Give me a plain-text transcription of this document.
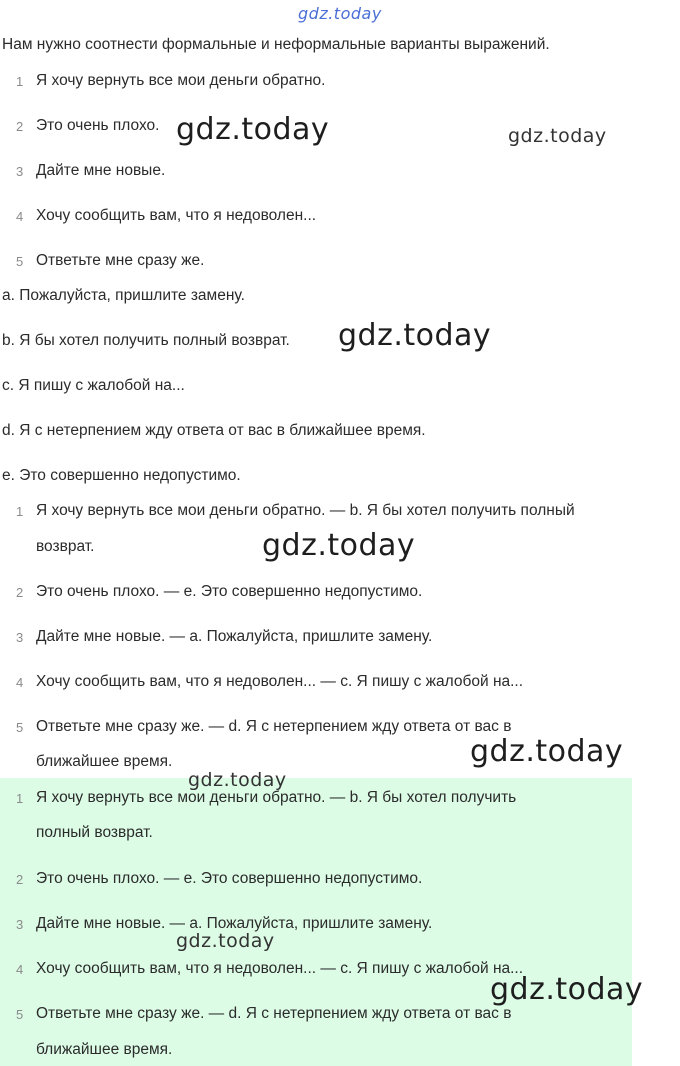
gdz.today
Нам нужно соотнести формальные и неформальные варианты выражений.
1 Я хочу вернуть все мои деньги обратно.
2 Это очень плохо.
3 Дайте мне новые.
4 Хочу сообщить вам, что я недоволен...
5 Ответьте мне сразу же.
a. Пожалуйста, пришлите замену.
b. Я бы хотел получить полный возврат.
c. Я пишу с жалобой на...
d. Я с нетерпением жду ответа от вас в ближайшее время.
e. Это совершенно недопустимо.
1 Я хочу вернуть все мои деньги обратно. — b. Я бы хотел получить полный
возврат.
2 Это очень плохо. — e. Это совершенно недопустимо.
3 Дайте мне новые. — a. Пожалуйста, пришлите замену.
4 Хочу сообщить вам, что я недоволен... — c. Я пишу с жалобой на...
5 Ответьте мне сразу же. — d. Я с нетерпением жду ответа от вас в
ближайшее время.
1 Я хочу вернуть все мои деньги обратно. — b. Я бы хотел получить
полный возврат.
2 Это очень плохо. — e. Это совершенно недопустимо.
3 Дайте мне новые. — a. Пожалуйста, пришлите замену.
4 Хочу сообщить вам, что я недоволен... — c. Я пишу с жалобой на...
5 Ответьте мне сразу же. — d. Я с нетерпением жду ответа от вас в
ближайшее время.
gdz.today	gdz.today
gdz.today
gdz.today
gdz.today
gdz.today
gdz.today
gdz.today
